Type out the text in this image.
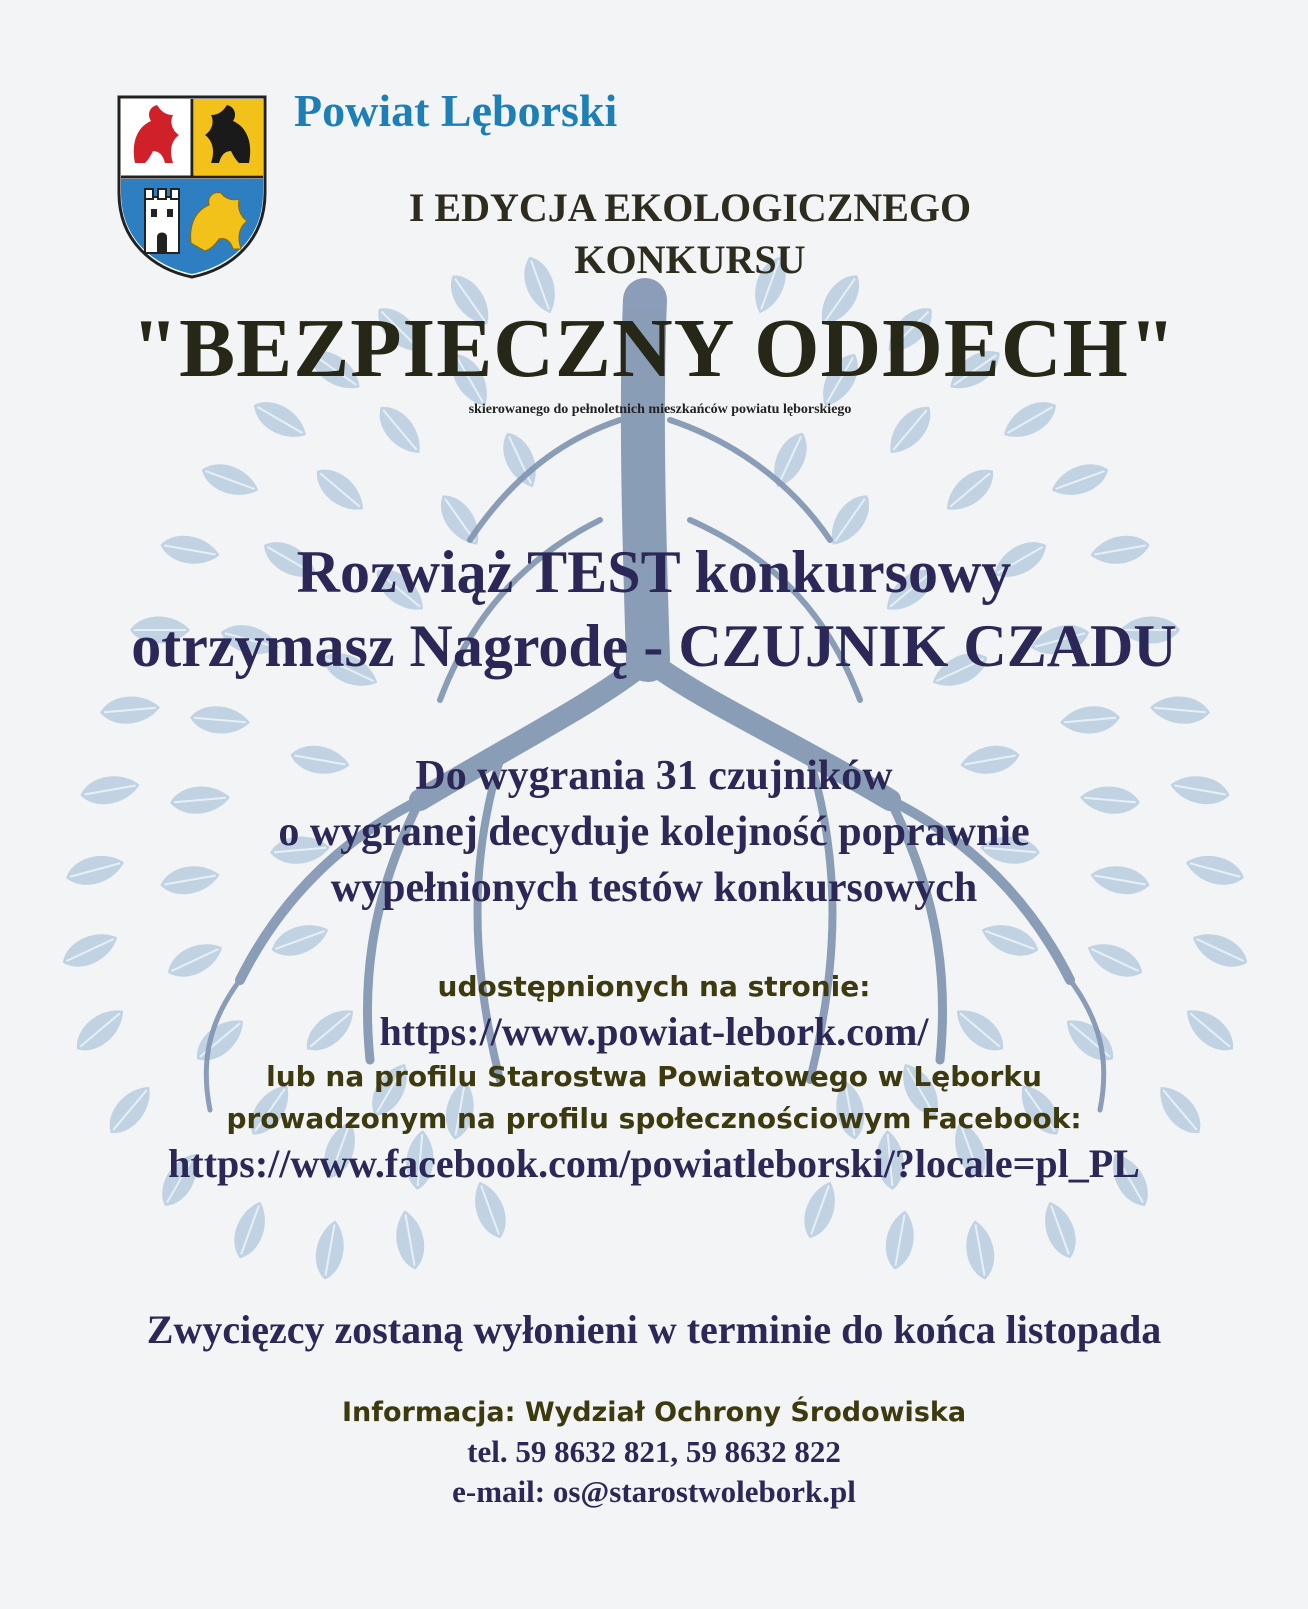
Powiat Lęborski
I EDYCJA EKOLOGICZNEGO
KONKURSU
"BEZPIECZNY ODDECH"
skierowanego do pełnoletnich mieszkańców powiatu lęborskiego
Rozwiąż TEST konkursowy
otrzymasz Nagrodę - CZUJNIK CZADU
Do wygrania 31 czujników
o wygranej decyduje kolejność poprawnie
wypełnionych testów konkursowych
udostępnionych na stronie:
https://www.powiat-lebork.com/
lub na profilu Starostwa Powiatowego w Lęborku
prowadzonym na profilu społecznościowym Facebook:
https://www.facebook.com/powiatleborski/?locale=pl_PL
Zwycięzcy zostaną wyłonieni w terminie do końca listopada
Informacja: Wydział Ochrony Środowiska
tel. 59 8632 821, 59 8632 822
e-mail: os@starostwolebork.pl
